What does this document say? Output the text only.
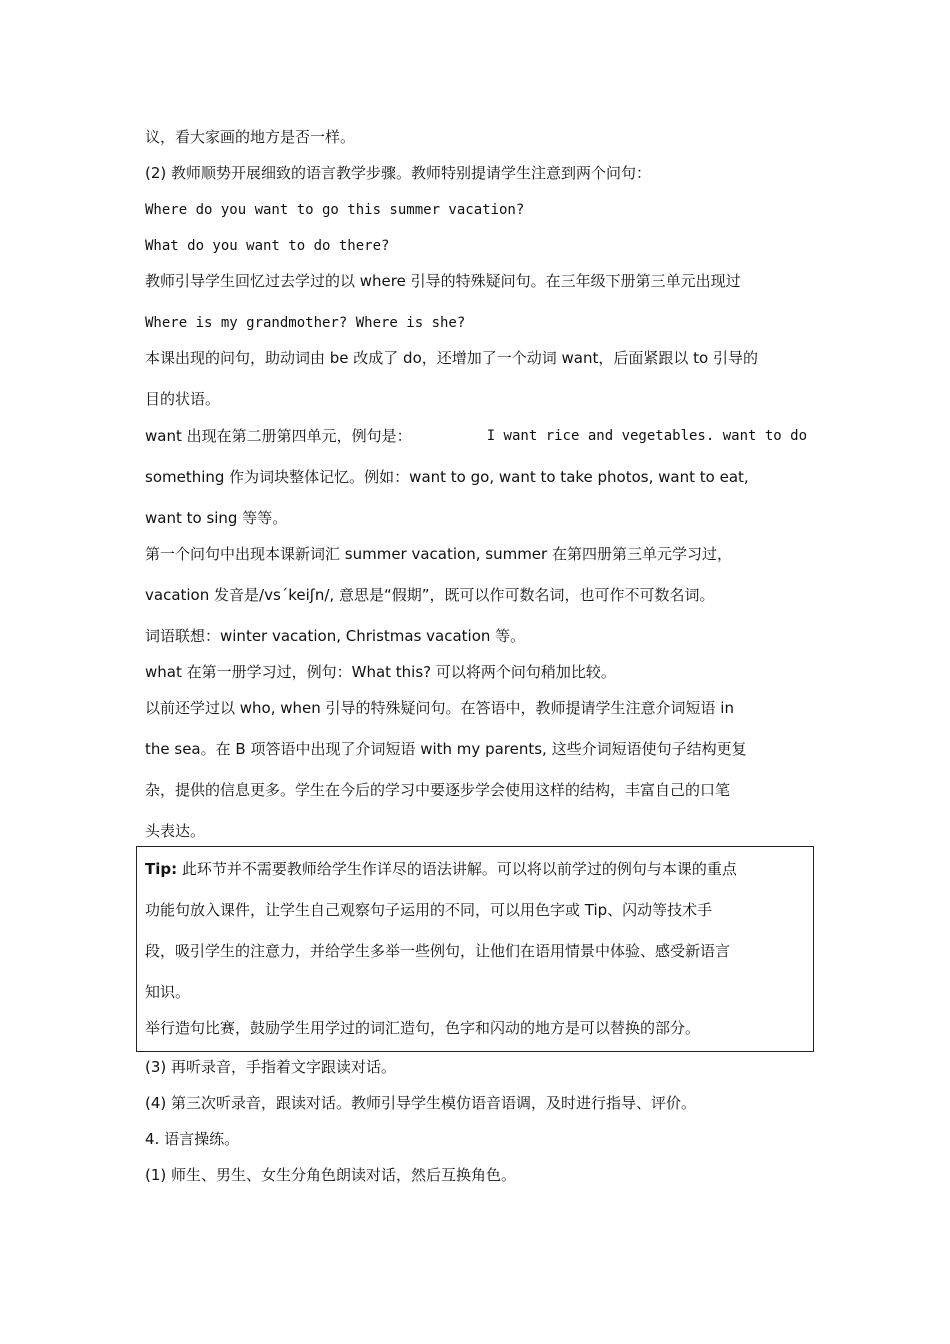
议，看大家画的地方是否一样。

(2) 教师顺势开展细致的语言教学步骤。教师特别提请学生注意到两个问句：

Where do you want to go this summer vacation?

What do you want to do there?

教师引导学生回忆过去学过的以 where 引导的特殊疑问句。在三年级下册第三单元出现过

Where is my grandmother? Where is she?

本课出现的问句，助动词由 be 改成了 do，还增加了一个动词 want，后面紧跟以 to 引导的

目的状语。

want 出现在第二册第四单元，例句是：	I want rice and vegetables. want to do

something 作为词块整体记忆。例如：want to go, want to take photos, want to eat,

want to sing 等等。

第一个问句中出现本课新词汇 summer vacation, summer 在第四册第三单元学习过，

vacation 发音是/vsˊkeiʃn/, 意思是“假期”，既可以作可数名词，也可作不可数名词。

词语联想：winter vacation, Christmas vacation 等。

what 在第一册学习过，例句：What this? 可以将两个问句稍加比较。

以前还学过以 who, when 引导的特殊疑问句。在答语中，教师提请学生注意介词短语 in

the sea。在 B 项答语中出现了介词短语 with my parents, 这些介词短语使句子结构更复

杂，提供的信息更多。学生在今后的学习中要逐步学会使用这样的结构，丰富自己的口笔

头表达。

Tip: 此环节并不需要教师给学生作详尽的语法讲解。可以将以前学过的例句与本课的重点

功能句放入课件，让学生自己观察句子运用的不同，可以用色字或 Tip、闪动等技术手

段，吸引学生的注意力，并给学生多举一些例句，让他们在语用情景中体验、感受新语言

知识。

举行造句比赛，鼓励学生用学过的词汇造句，色字和闪动的地方是可以替换的部分。

(3) 再听录音，手指着文字跟读对话。

(4) 第三次听录音，跟读对话。教师引导学生模仿语音语调，及时进行指导、评价。

4. 语言操练。

(1) 师生、男生、女生分角色朗读对话，然后互换角色。
